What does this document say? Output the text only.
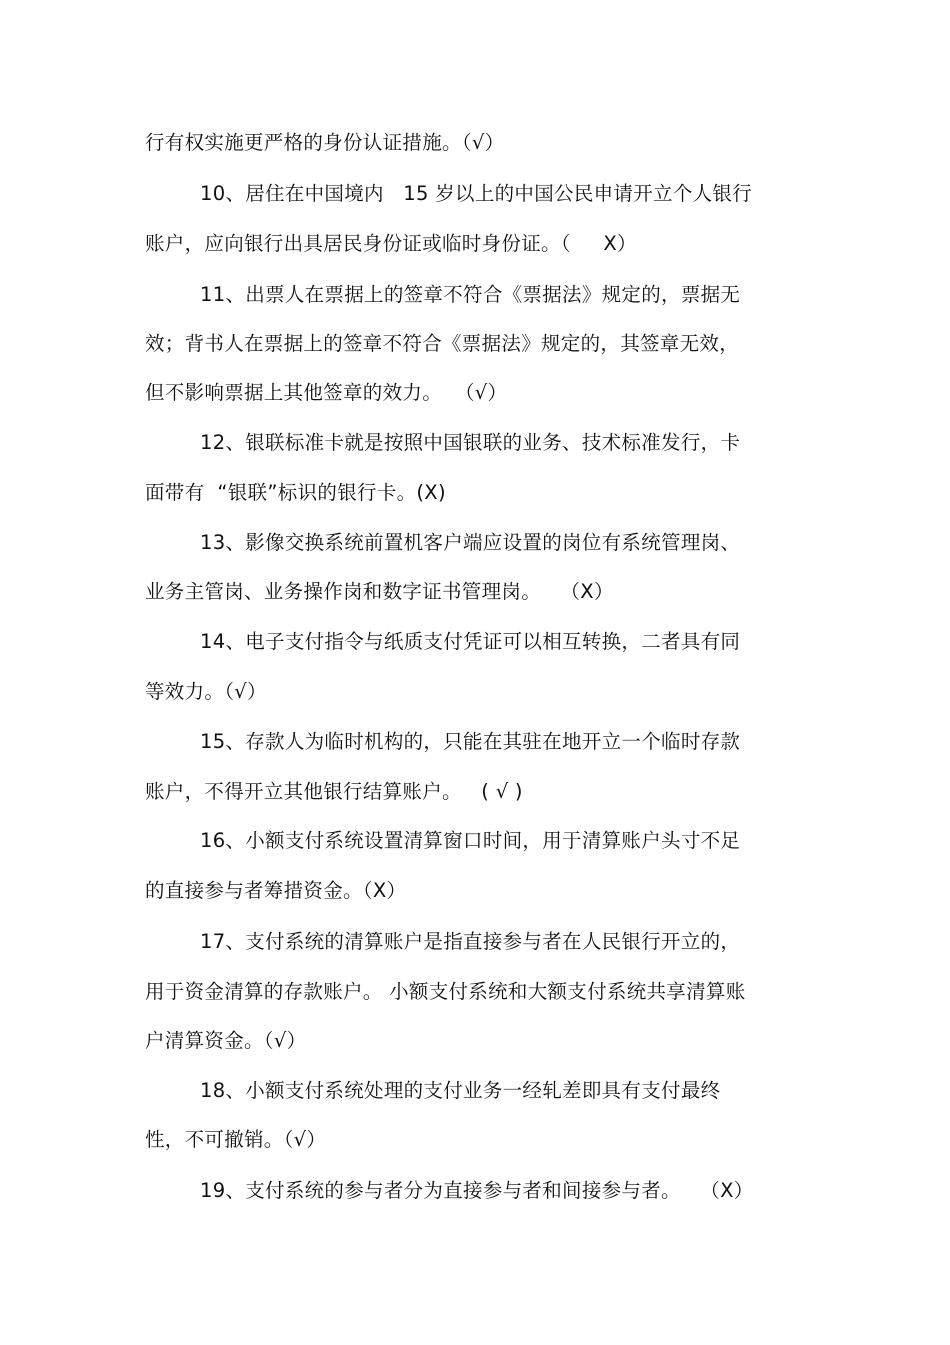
行有权实施更严格的身份认证措施。（√）
10、居住在中国境内   15 岁以上的中国公民申请开立个人银行
账户，应向银行出具居民身份证或临时身份证。（     X）
11、出票人在票据上的签章不符合《票据法》规定的，票据无
效；背书人在票据上的签章不符合《票据法》规定的，其签章无效，
但不影响票据上其他签章的效力。  （√）
12、银联标准卡就是按照中国银联的业务、技术标准发行，卡
面带有  “银联”标识的银行卡。(X)
13、影像交换系统前置机客户端应设置的岗位有系统管理岗、
业务主管岗、业务操作岗和数字证书管理岗。   （X）
14、电子支付指令与纸质支付凭证可以相互转换，二者具有同
等效力。（√）
15、存款人为临时机构的，只能在其驻在地开立一个临时存款
账户，不得开立其他银行结算账户。   ( √ )
16、小额支付系统设置清算窗口时间，用于清算账户头寸不足
的直接参与者筹措资金。（X）
17、支付系统的清算账户是指直接参与者在人民银行开立的，
用于资金清算的存款账户。 小额支付系统和大额支付系统共享清算账
户清算资金。（√）
18、小额支付系统处理的支付业务一经轧差即具有支付最终
性，不可撤销。（√）
19、支付系统的参与者分为直接参与者和间接参与者。   （X）
